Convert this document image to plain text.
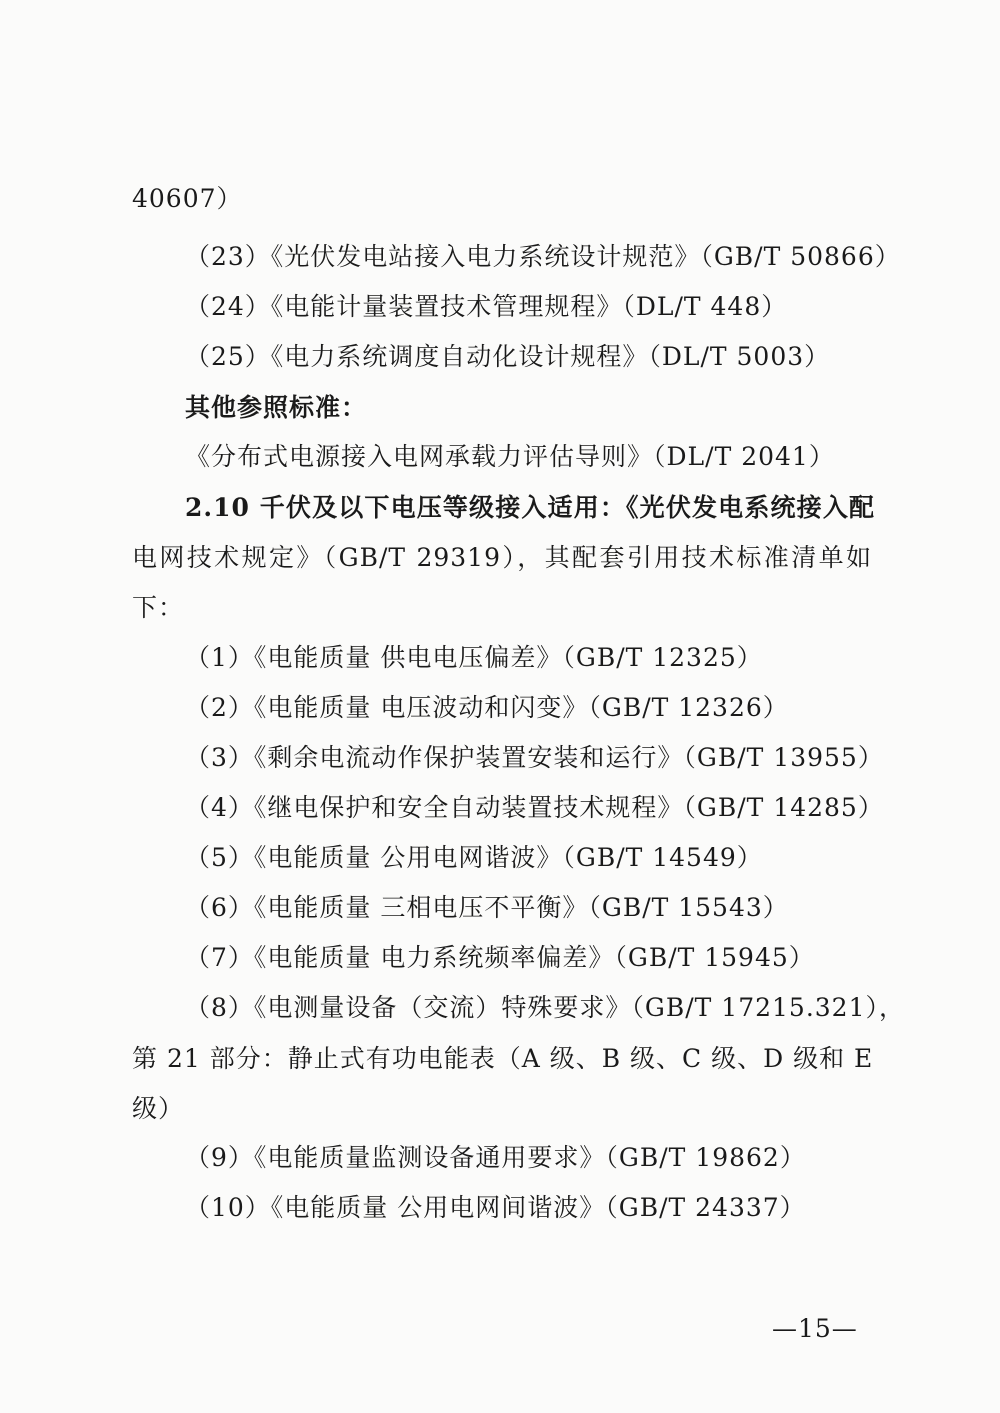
40607）
（23）《光伏发电站接入电力系统设计规范》（GB/T 50866）
（24）《电能计量装置技术管理规程》（DL/T 448）
（25）《电力系统调度自动化设计规程》（DL/T 5003）
其他参照标准：
《分布式电源接入电网承载力评估导则》（DL/T 2041）
2.10 千伏及以下电压等级接入适用：《光伏发电系统接入配
电网技术规定》（GB/T 29319），其配套引用技术标准清单如
下：
（1）《电能质量 供电电压偏差》（GB/T 12325）
（2）《电能质量 电压波动和闪变》（GB/T 12326）
（3）《剩余电流动作保护装置安装和运行》（GB/T 13955）
（4）《继电保护和安全自动装置技术规程》（GB/T 14285）
（5）《电能质量 公用电网谐波》（GB/T 14549）
（6）《电能质量 三相电压不平衡》（GB/T 15543）
（7）《电能质量 电力系统频率偏差》（GB/T 15945）
（8）《电测量设备（交流）特殊要求》（GB/T 17215.321），
第 21 部分：静止式有功电能表（A 级、B 级、C 级、D 级和 E
级）
（9）《电能质量监测设备通用要求》（GB/T 19862）
（10）《电能质量 公用电网间谐波》（GB/T 24337）
—15—
